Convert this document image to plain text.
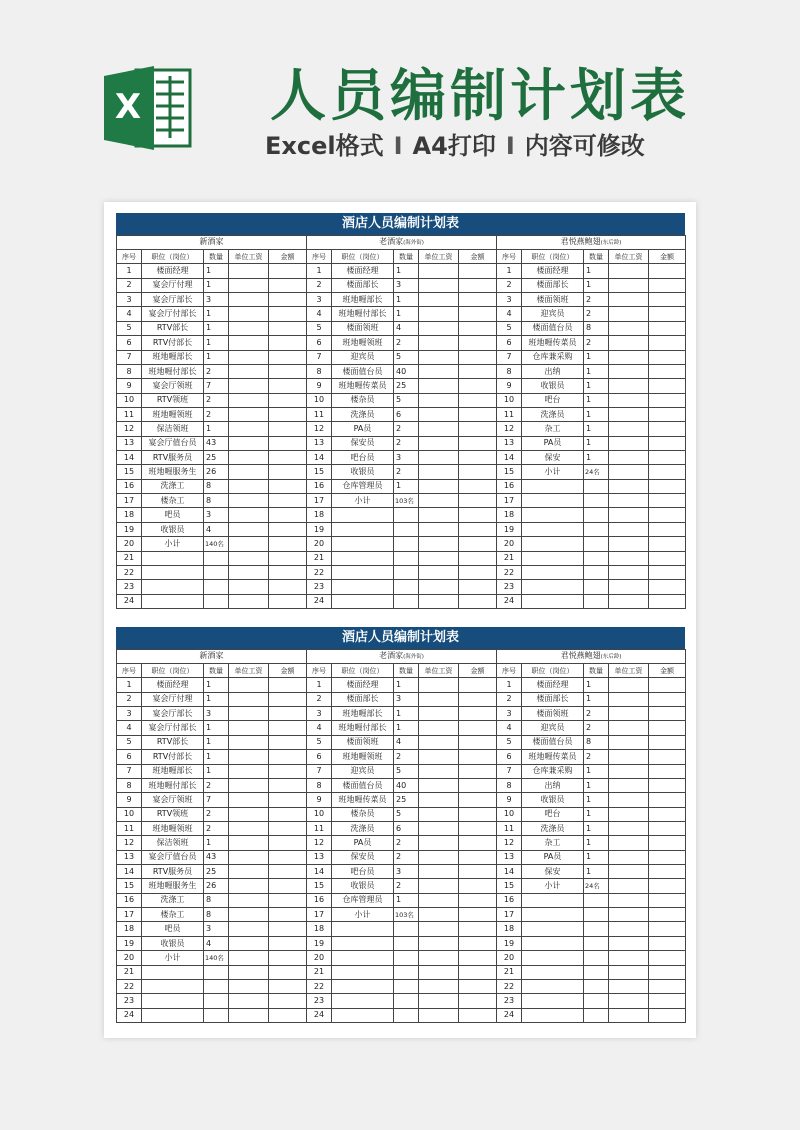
X 人员编制计划表
Excel格式 I A4打印 I 内容可修改
酒店人员编制计划表
新酒家					老酒家(海外街)					君悦燕鲍翅(东后龄)				
序号	职位（岗位）	数量	单位工资	金额	序号	职位（岗位）	数量	单位工资	金额	序号	职位（岗位）	数量	单位工资	金额
1	楼面经理	1			1	楼面经理	1			1	楼面经理	1		
2	宴会厅付理	1			2	楼面部长	3			2	楼面部长	1		
3	宴会厅部长	3			3	班地喱部长	1			3	楼面领班	2		
4	宴会厅付部长	1			4	班地喱付部长	1			4	迎宾员	2		
5	RTV部长	1			5	楼面领班	4			5	楼面值台员	8		
6	RTV付部长	1			6	班地喱领班	2			6	班地喱传菜员	2		
7	班地喱部长	1			7	迎宾员	5			7	仓库兼采购	1		
8	班地喱付部长	2			8	楼面值台员	40			8	出纳	1		
9	宴会厅领班	7			9	班地喱传菜员	25			9	收银员	1		
10	RTV领班	2			10	楼杂员	5			10	吧台	1		
11	班地喱领班	2			11	洗涤员	6			11	洗涤员	1		
12	保洁领班	1			12	PA员	2			12	杂工	1		
13	宴会厅值台员	43			13	保安员	2			13	PA员	1		
14	RTV服务员	25			14	吧台员	3			14	保安	1		
15	班地喱服务生	26			15	收银员	2			15	小计	24名		
16	洗涤工	8			16	仓库管理员	1			16				
17	楼杂工	8			17	小计	103名			17				
18	吧员	3			18					18				
19	收银员	4			19					19				
20	小计	140名			20					20				
21					21					21				
22					22					22				
23					23					23				
24					24					24				
酒店人员编制计划表
新酒家					老酒家(海外街)					君悦燕鲍翅(东后龄)				
序号	职位（岗位）	数量	单位工资	金额	序号	职位（岗位）	数量	单位工资	金额	序号	职位（岗位）	数量	单位工资	金额
1	楼面经理	1			1	楼面经理	1			1	楼面经理	1		
2	宴会厅付理	1			2	楼面部长	3			2	楼面部长	1		
3	宴会厅部长	3			3	班地喱部长	1			3	楼面领班	2		
4	宴会厅付部长	1			4	班地喱付部长	1			4	迎宾员	2		
5	RTV部长	1			5	楼面领班	4			5	楼面值台员	8		
6	RTV付部长	1			6	班地喱领班	2			6	班地喱传菜员	2		
7	班地喱部长	1			7	迎宾员	5			7	仓库兼采购	1		
8	班地喱付部长	2			8	楼面值台员	40			8	出纳	1		
9	宴会厅领班	7			9	班地喱传菜员	25			9	收银员	1		
10	RTV领班	2			10	楼杂员	5			10	吧台	1		
11	班地喱领班	2			11	洗涤员	6			11	洗涤员	1		
12	保洁领班	1			12	PA员	2			12	杂工	1		
13	宴会厅值台员	43			13	保安员	2			13	PA员	1		
14	RTV服务员	25			14	吧台员	3			14	保安	1		
15	班地喱服务生	26			15	收银员	2			15	小计	24名		
16	洗涤工	8			16	仓库管理员	1			16				
17	楼杂工	8			17	小计	103名			17				
18	吧员	3			18					18				
19	收银员	4			19					19				
20	小计	140名			20					20				
21					21					21				
22					22					22				
23					23					23				
24					24					24				
